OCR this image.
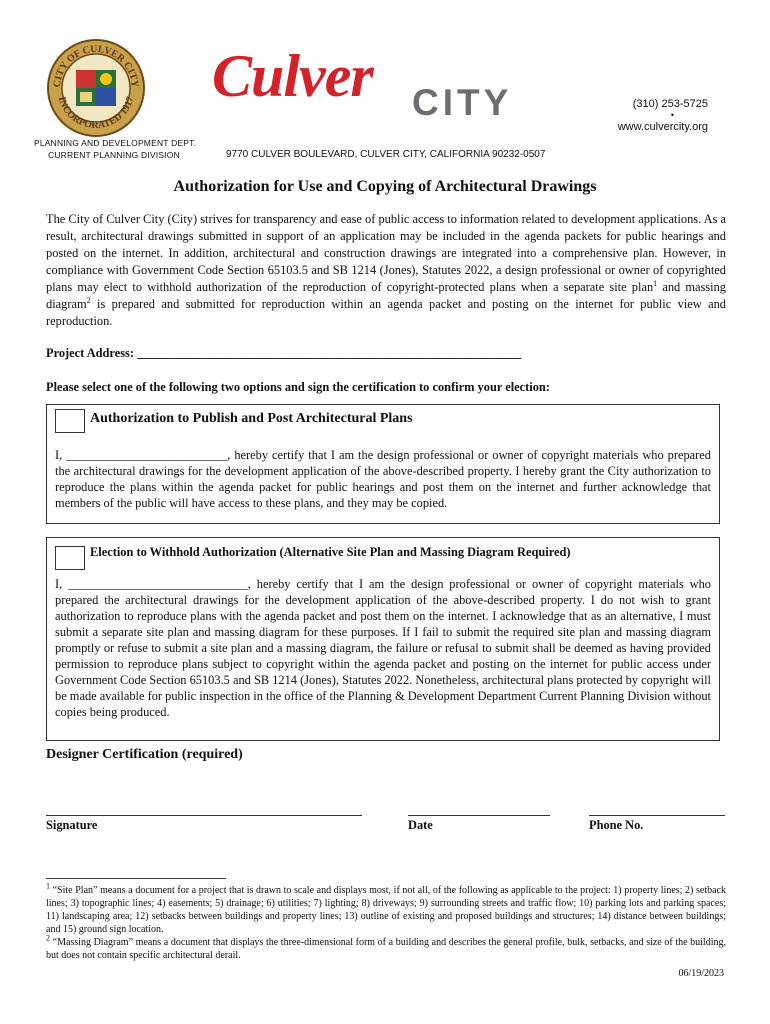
CITY OF CULVER CITY
INCORPORATED 1917 Culver CITY	(310) 253-5725
•
www.culvercity.org
PLANNING AND DEVELOPMENT DEPT.
CURRENT PLANNING DIVISION	9770 CULVER BOULEVARD, CULVER CITY, CALIFORNIA 90232-0507
Authorization for Use and Copying of Architectural Drawings

The City of Culver City (City) strives for transparency and ease of public access to information related to development applications. As a result, architectural drawings submitted in support of an application may be included in the agenda packets for public hearings and posted on the internet. In addition, architectural and construction drawings are integrated into a comprehensive plan. However, in compliance with Government Code Section 65103.5 and SB 1214 (Jones), Statutes 2022, a design professional or owner of copyrighted plans may elect to withhold authorization of the reproduction of copyright-protected plans when a separate site plan$^1$ and massing diagram$^2$ is prepared and submitted for reproduction within an agenda packet and posting on the internet for public view and reproduction.

Project Address: ______________________________________________________________
Please select one of the following two options and sign the certification to confirm your election:
Authorization to Publish and Post Architectural Plans

I, __________________________, hereby certify that I am the design professional or owner of copyright materials who prepared the architectural drawings for the development application of the above-described property. I hereby grant the City authorization to reproduce the plans within the agenda packet for public hearings and post them on the internet and further acknowledge that members of the public will have access to these plans, and they may be copied.

Election to Withhold Authorization (Alternative Site Plan and Massing Diagram Required)

I, _____________________________, hereby certify that I am the design professional or owner of copyright materials who prepared the architectural drawings for the development application of the above-described property. I do not wish to grant authorization to reproduce plans with the agenda packet and post them on the internet. I acknowledge that as an alternative, I must submit a separate site plan and massing diagram for these purposes. If I fail to submit the required site plan and massing diagram promptly or refuse to submit a site plan and a massing diagram, the failure or refusal to submit shall be deemed as having provided permission to reproduce plans subject to copyright within the agenda packet and posting on the internet for public access under Government Code Section 65103.5 and SB 1214 (Jones), Statutes 2022. Nonetheless, architectural plans protected by copyright will be made available for public inspection in the office of the Planning & Development Department Current Planning Division without copies being produced.

Designer Certification (required)
Signature	Date	Phone No.

$^1$ “Site Plan” means a document for a project that is drawn to scale and displays most, if not all, of the following as applicable to the project: 1) property lines; 2) setback lines; 3) topographic lines; 4) easements; 5) drainage; 6) utilities; 7) lighting; 8) driveways; 9) surrounding streets and traffic flow; 10) parking lots and parking spaces; 11) landscaping area; 12) setbacks between buildings and property lines; 13) outline of existing and proposed buildings and structures; 14) distance between buildings; and 15) ground sign location.

$^2$ “Massing Diagram” means a document that displays the three-dimensional form of a building and describes the general profile, bulk, setbacks, and size of the building, but does not contain specific architectural derail.

06/19/2023
